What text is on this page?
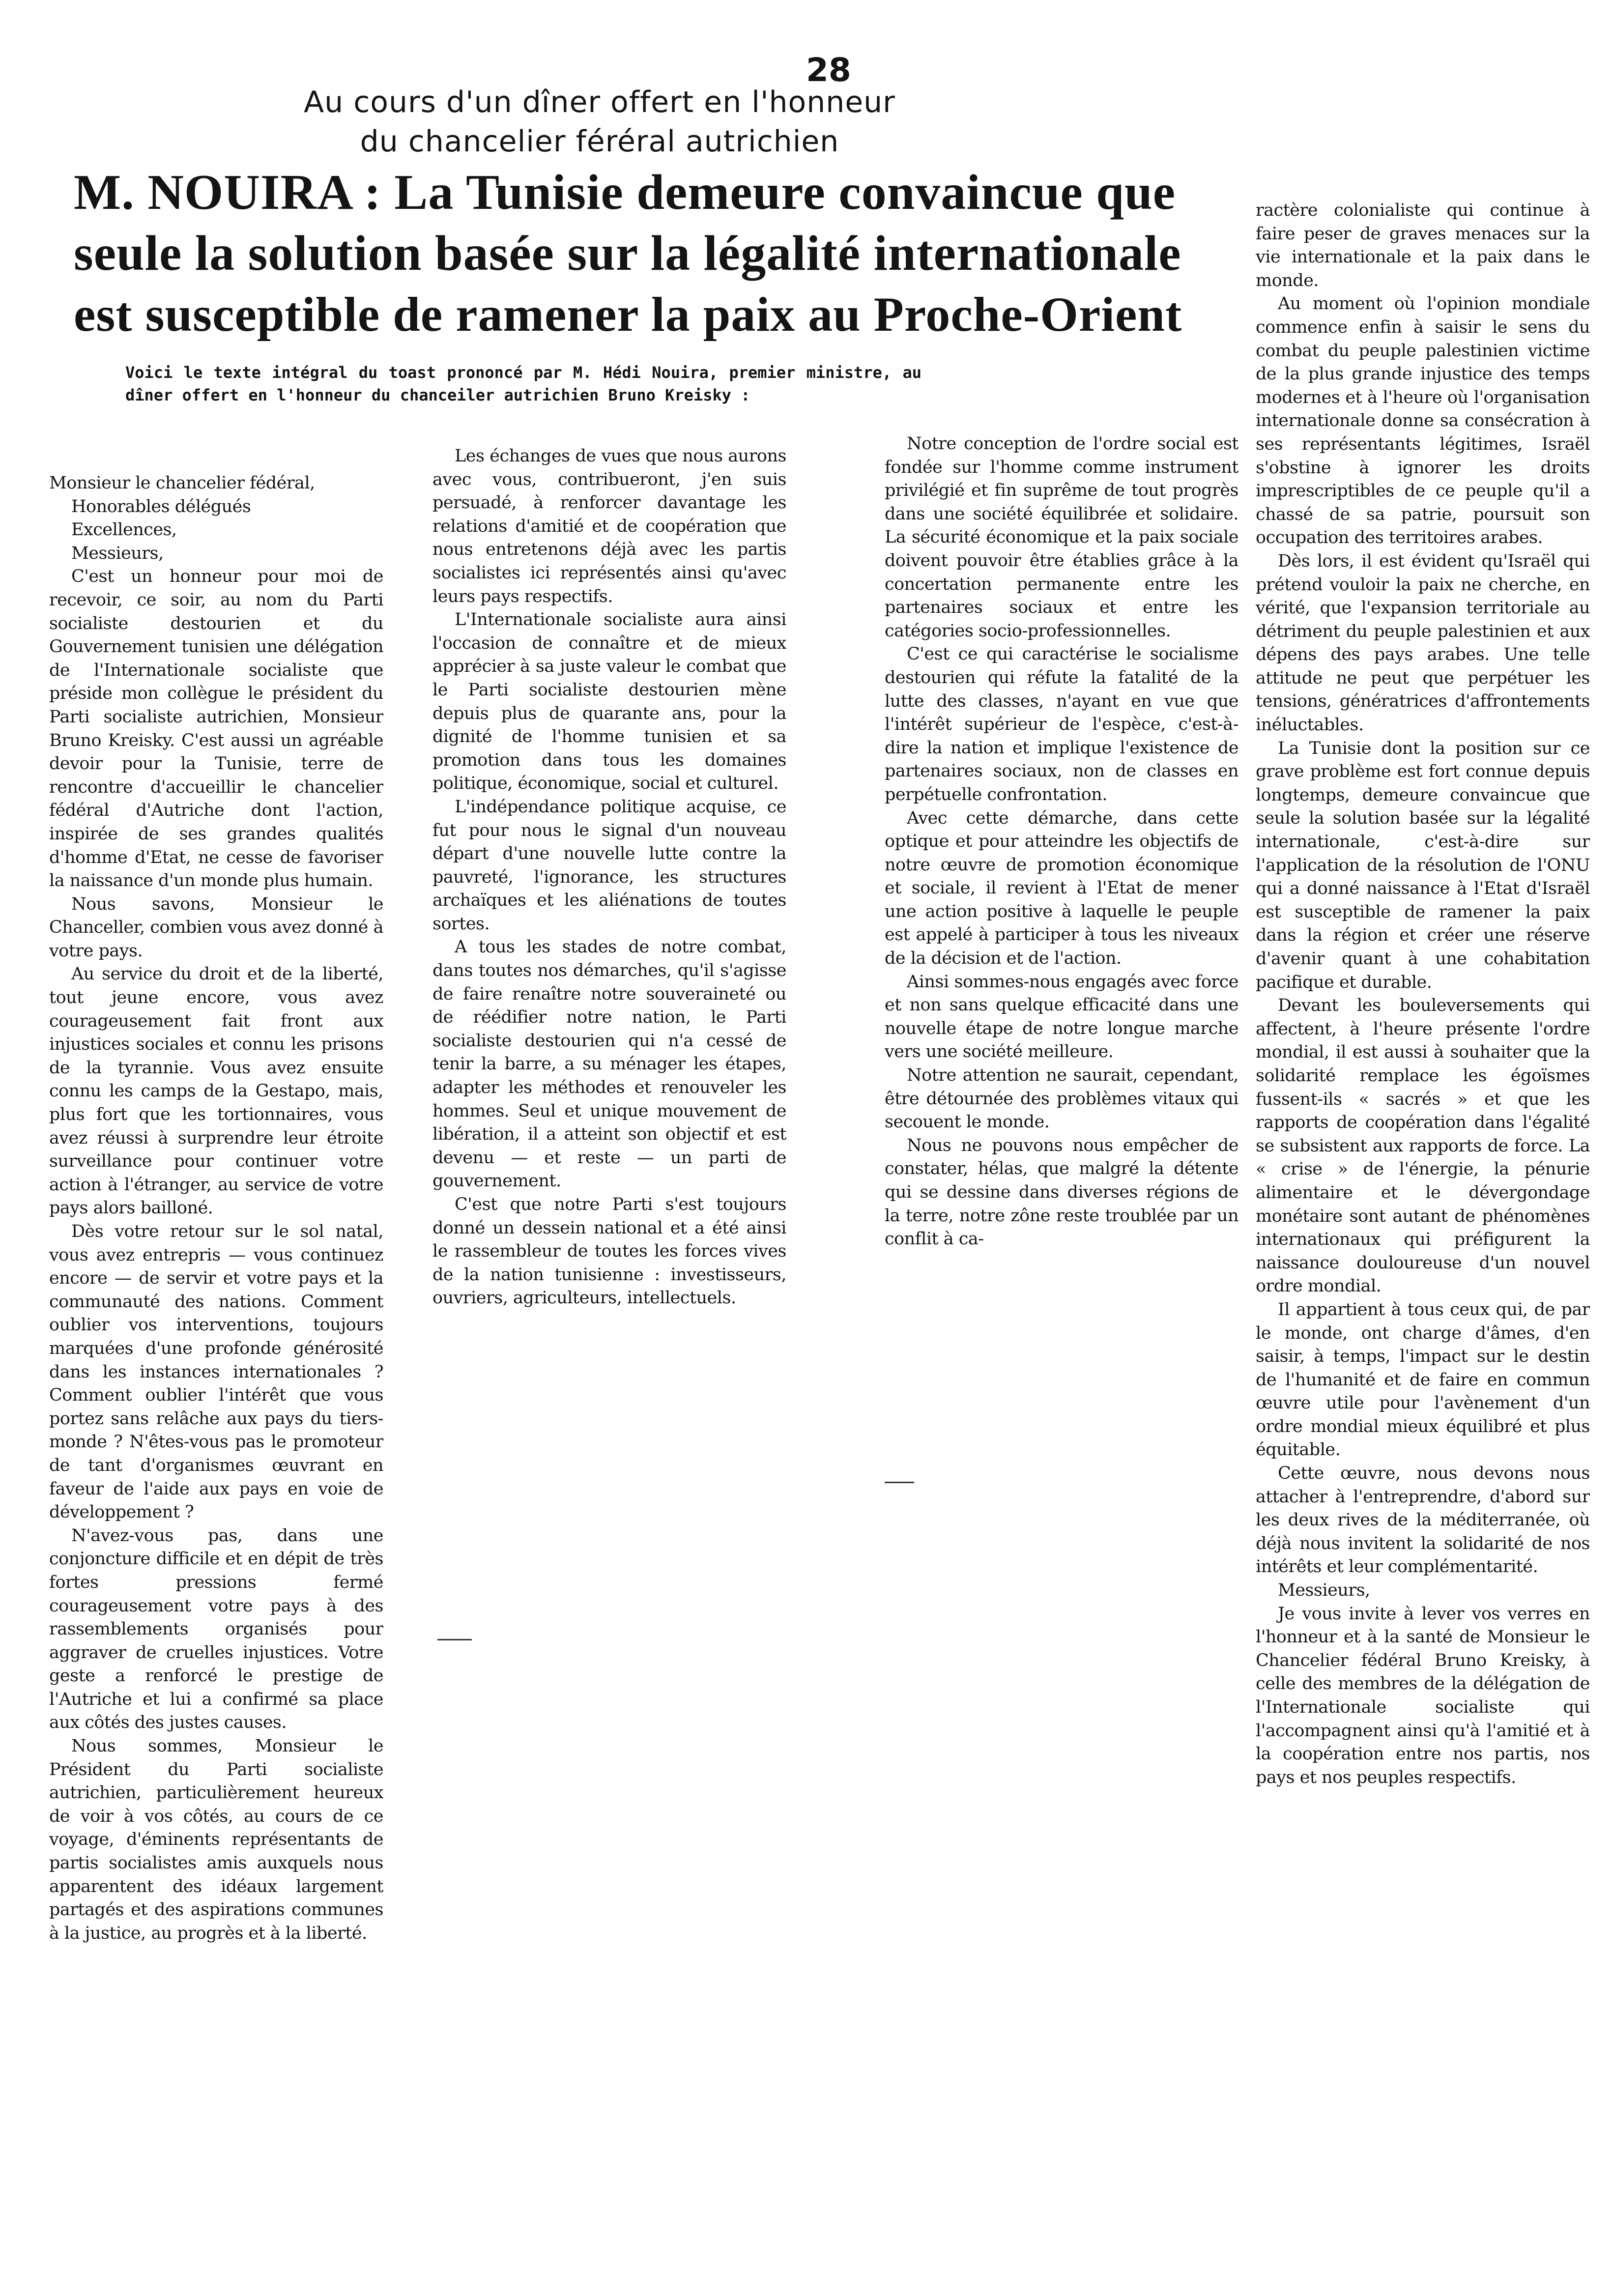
28
Au cours d'un dîner offert en l'honneur
du chancelier féréral autrichien
M. NOUIRA : La Tunisie demeure convaincue que
seule la solution basée sur la légalité internationale
est susceptible de ramener la paix au Proche-Orient
Voici le texte intégral du toast prononcé par M. Hédi Nouira, premier ministre, au dîner offert en l'honneur du chanceiler autrichien Bruno Kreisky :

Monsieur le chancelier fédéral,

Honorables délégués

Excellences,

Messieurs,

C'est un honneur pour moi de recevoir, ce soir, au nom du Parti socialiste destourien et du Gouvernement tunisien une délégation de l'Internationale socialiste que préside mon collègue le président du Parti socialiste autrichien, Monsieur Bruno Kreisky. C'est aussi un agréable devoir pour la Tunisie, terre de rencontre d'accueillir le chancelier fédéral d'Autriche dont l'action, inspirée de ses grandes qualités d'homme d'Etat, ne cesse de favoriser la naissance d'un monde plus humain.

Nous savons, Monsieur le Chanceller, combien vous avez donné à votre pays.

Au service du droit et de la liberté, tout jeune encore, vous avez courageusement fait front aux injustices sociales et connu les prisons de la tyrannie. Vous avez ensuite connu les camps de la Gestapo, mais, plus fort que les tortionnaires, vous avez réussi à surprendre leur étroite surveillance pour continuer votre action à l'étranger, au service de votre pays alors bailloné.

Dès votre retour sur le sol natal, vous avez entrepris — vous continuez encore — de servir et votre pays et la communauté des nations. Comment oublier vos interventions, toujours marquées d'une profonde générosité dans les instances internationales ? Comment oublier l'intérêt que vous portez sans relâche aux pays du tiers-monde ? N'êtes-vous pas le promoteur de tant d'organismes œuvrant en faveur de l'aide aux pays en voie de développement ?

N'avez-vous pas, dans une conjoncture difficile et en dépit de très fortes pressions fermé courageusement votre pays à des rassemblements organisés pour aggraver de cruelles injustices. Votre geste a renforcé le prestige de l'Autriche et lui a confirmé sa place aux côtés des justes causes.

Nous sommes, Monsieur le Président du Parti socialiste autrichien, particulièrement heureux de voir à vos côtés, au cours de ce voyage, d'éminents représentants de partis socialistes amis auxquels nous apparentent des idéaux largement partagés et des aspirations communes à la justice, au progrès et à la liberté.

Les échanges de vues que nous aurons avec vous, contribueront, j'en suis persuadé, à renforcer davantage les relations d'amitié et de coopération que nous entretenons déjà avec les partis socialistes ici représentés ainsi qu'avec leurs pays respectifs.

L'Internationale socialiste aura ainsi l'occasion de connaître et de mieux apprécier à sa juste valeur le combat que le Parti socialiste destourien mène depuis plus de quarante ans, pour la dignité de l'homme tunisien et sa promotion dans tous les domaines politique, économique, social et culturel.

L'indépendance politique acquise, ce fut pour nous le signal d'un nouveau départ d'une nouvelle lutte contre la pauvreté, l'ignorance, les structures archaïques et les aliénations de toutes sortes.

A tous les stades de notre combat, dans toutes nos démarches, qu'il s'agisse de faire renaître notre souveraineté ou de réédifier notre nation, le Parti socialiste destourien qui n'a cessé de tenir la barre, a su ménager les étapes, adapter les méthodes et renouveler les hommes. Seul et unique mouvement de libération, il a atteint son objectif et est devenu — et reste — un parti de gouvernement.

C'est que notre Parti s'est toujours donné un dessein national et a été ainsi le rassembleur de toutes les forces vives de la nation tunisienne : investisseurs, ouvriers, agriculteurs, intellectuels.

Notre conception de l'ordre social est fondée sur l'homme comme instrument privilégié et fin suprême de tout progrès dans une société équilibrée et solidaire. La sécurité économique et la paix sociale doivent pouvoir être établies grâce à la concertation permanente entre les partenaires sociaux et entre les catégories socio-professionnelles.

C'est ce qui caractérise le socialisme destourien qui réfute la fatalité de la lutte des classes, n'ayant en vue que l'intérêt supérieur de l'espèce, c'est-à-dire la nation et implique l'existence de partenaires sociaux, non de classes en perpétuelle confrontation.

Avec cette démarche, dans cette optique et pour atteindre les objectifs de notre œuvre de promotion économique et sociale, il revient à l'Etat de mener une action positive à laquelle le peuple est appelé à participer à tous les niveaux de la décision et de l'action.

Ainsi sommes-nous engagés avec force et non sans quelque efficacité dans une nouvelle étape de notre longue marche vers une société meilleure.

Notre attention ne saurait, cependant, être détournée des problèmes vitaux qui secouent le monde.

Nous ne pouvons nous empêcher de constater, hélas, que malgré la détente qui se dessine dans diverses régions de la terre, notre zône reste troublée par un conflit à ca-

ractère colonialiste qui continue à faire peser de graves menaces sur la vie internationale et la paix dans le monde.

Au moment où l'opinion mondiale commence enfin à saisir le sens du combat du peuple palestinien victime de la plus grande injustice des temps modernes et à l'heure où l'organisation internationale donne sa consécration à ses représentants légitimes, Israël s'obstine à ignorer les droits imprescriptibles de ce peuple qu'il a chassé de sa patrie, poursuit son occupation des territoires arabes.

Dès lors, il est évident qu'Israël qui prétend vouloir la paix ne cherche, en vérité, que l'expansion territoriale au détriment du peuple palestinien et aux dépens des pays arabes. Une telle attitude ne peut que perpétuer les tensions, génératrices d'affrontements inéluctables.

La Tunisie dont la position sur ce grave problème est fort connue depuis longtemps, demeure convaincue que seule la solution basée sur la légalité internationale, c'est-à-dire sur l'application de la résolution de l'ONU qui a donné naissance à l'Etat d'Israël est susceptible de ramener la paix dans la région et créer une réserve d'avenir quant à une cohabitation pacifique et durable.

Devant les bouleversements qui affectent, à l'heure présente l'ordre mondial, il est aussi à souhaiter que la solidarité remplace les égoïsmes fussent-ils « sacrés » et que les rapports de coopération dans l'égalité se subsistent aux rapports de force. La « crise » de l'énergie, la pénurie alimentaire et le dévergondage monétaire sont autant de phénomènes internationaux qui préfigurent la naissance douloureuse d'un nouvel ordre mondial.

Il appartient à tous ceux qui, de par le monde, ont charge d'âmes, d'en saisir, à temps, l'impact sur le destin de l'humanité et de faire en commun œuvre utile pour l'avènement d'un ordre mondial mieux équilibré et plus équitable.

Cette œuvre, nous devons nous attacher à l'entreprendre, d'abord sur les deux rives de la méditerranée, où déjà nous invitent la solidarité de nos intérêts et leur complémentarité.

Messieurs,

Je vous invite à lever vos verres en l'honneur et à la santé de Monsieur le Chancelier fédéral Bruno Kreisky, à celle des membres de la délégation de l'Internationale socialiste qui l'accompagnent ainsi qu'à l'amitié et à la coopération entre nos partis, nos pays et nos peuples respectifs.
